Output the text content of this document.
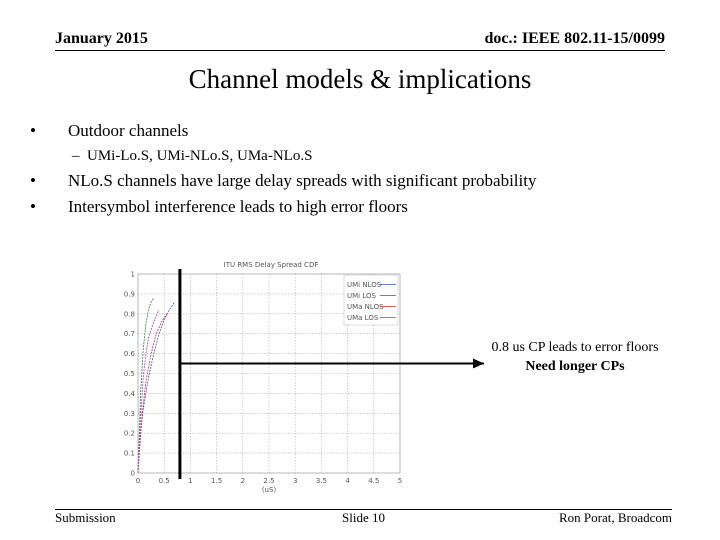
January 2015	doc.: IEEE 802.11-15/0099
Channel models & implications
• Outdoor channels
– UMi-Lo.S, UMi-NLo.S, UMa-NLo.S
• NLo.S channels have large delay spreads with significant probability
• Intersymbol interference leads to high error floors
0	0.5	1	1.5	2	2.5	3	3.5	4	4.5	5
0
0.1
0.2
0.3
0.4
0.5
0.6
0.7
0.8
0.9
1
ITU RMS Delay Spread CDF
(uS)
UMi NLOS
UMi LOS
UMa NLOS
UMa LOS
0.8 us CP leads to error floors
Need longer CPs
Submission	Slide 10	Ron Porat, Broadcom
